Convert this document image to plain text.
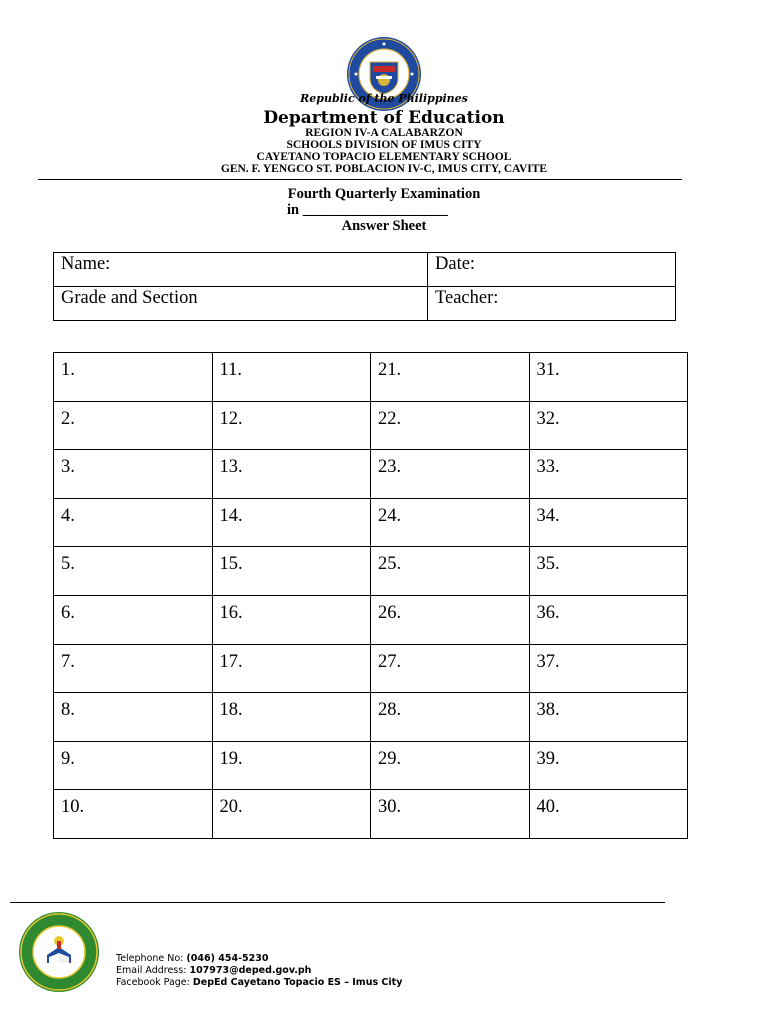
Republic of the Philippines
Department of Education
REGION IV-A CALABARZON
SCHOOLS DIVISION OF IMUS CITY
CAYETANO TOPACIO ELEMENTARY SCHOOL
GEN. F. YENGCO ST. POBLACION IV-C, IMUS CITY, CAVITE
Fourth Quarterly Examination
in ____________________
Answer Sheet
Name:	Date:
Grade and Section	Teacher:
1.	11.	21.	31.
2.	12.	22.	32.
3.	13.	23.	33.
4.	14.	24.	34.
5.	15.	25.	35.
6.	16.	26.	36.
7.	17.	27.	37.
8.	18.	28.	38.
9.	19.	29.	39.
10.	20.	30.	40.
Telephone No: (046) 454-5230
Email Address: 107973@deped.gov.ph
Facebook Page: DepEd Cayetano Topacio ES – Imus City
